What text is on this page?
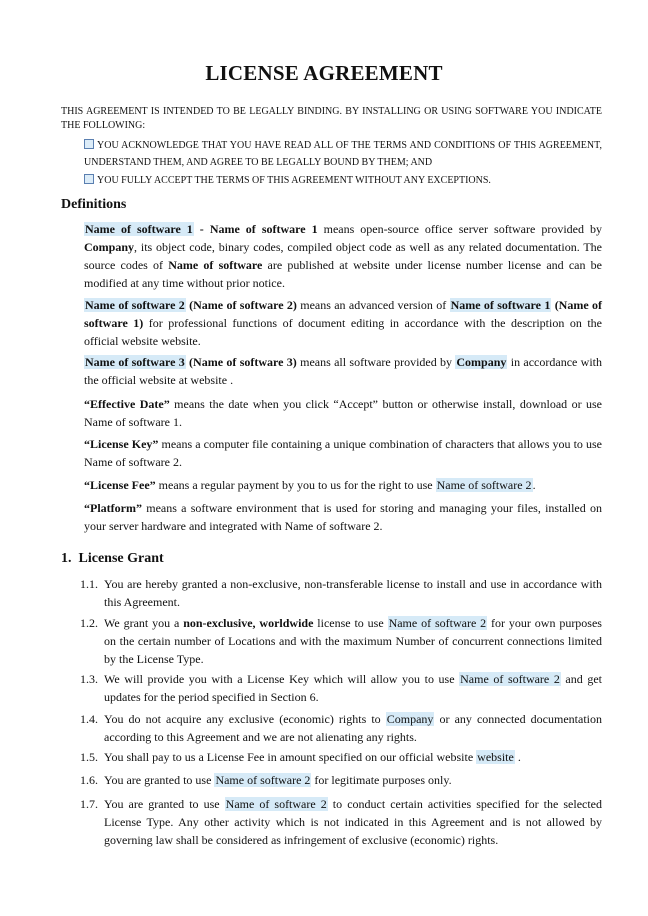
LICENSE AGREEMENT
THIS AGREEMENT IS INTENDED TO BE LEGALLY BINDING. BY INSTALLING OR USING SOFTWARE YOU INDICATE THE FOLLOWING:
YOU ACKNOWLEDGE THAT YOU HAVE READ ALL OF THE TERMS AND CONDITIONS OF THIS AGREEMENT, UNDERSTAND THEM, AND AGREE TO BE LEGALLY BOUND BY THEM; AND
YOU FULLY ACCEPT THE TERMS OF THIS AGREEMENT WITHOUT ANY EXCEPTIONS.
Definitions
Name of software 1 - Name of software 1 means open-source office server software provided by Company, its object code, binary codes, compiled object code as well as any related documentation. The source codes of Name of software are published at website under license number license and can be modified at any time without prior notice.
Name of software 2 (Name of software 2) means an advanced version of Name of software 1 (Name of software 1) for professional functions of document editing in accordance with the description on the official website website.
Name of software 3 (Name of software 3) means all software provided by Company in accordance with the official website at website .
“Effective Date” means the date when you click “Accept” button or otherwise install, download or use Name of software 1.
“License Key” means a computer file containing a unique combination of characters that allows you to use Name of software 2.
“License Fee” means a regular payment by you to us for the right to use Name of software 2.
“Platform” means a software environment that is used for storing and managing your files, installed on your server hardware and integrated with Name of software 2.
1. License Grant
1.1. You are hereby granted a non-exclusive, non-transferable license to install and use in accordance with this Agreement.
1.2. We grant you a non-exclusive, worldwide license to use Name of software 2 for your own purposes on the certain number of Locations and with the maximum Number of concurrent connections limited by the License Type.
1.3. We will provide you with a License Key which will allow you to use Name of software 2 and get updates for the period specified in Section 6.
1.4. You do not acquire any exclusive (economic) rights to Company or any connected documentation according to this Agreement and we are not alienating any rights.
1.5. You shall pay to us a License Fee in amount specified on our official website website .
1.6. You are granted to use Name of software 2 for legitimate purposes only.
1.7. You are granted to use Name of software 2 to conduct certain activities specified for the selected License Type. Any other activity which is not indicated in this Agreement and is not allowed by governing law shall be considered as infringement of exclusive (economic) rights.
